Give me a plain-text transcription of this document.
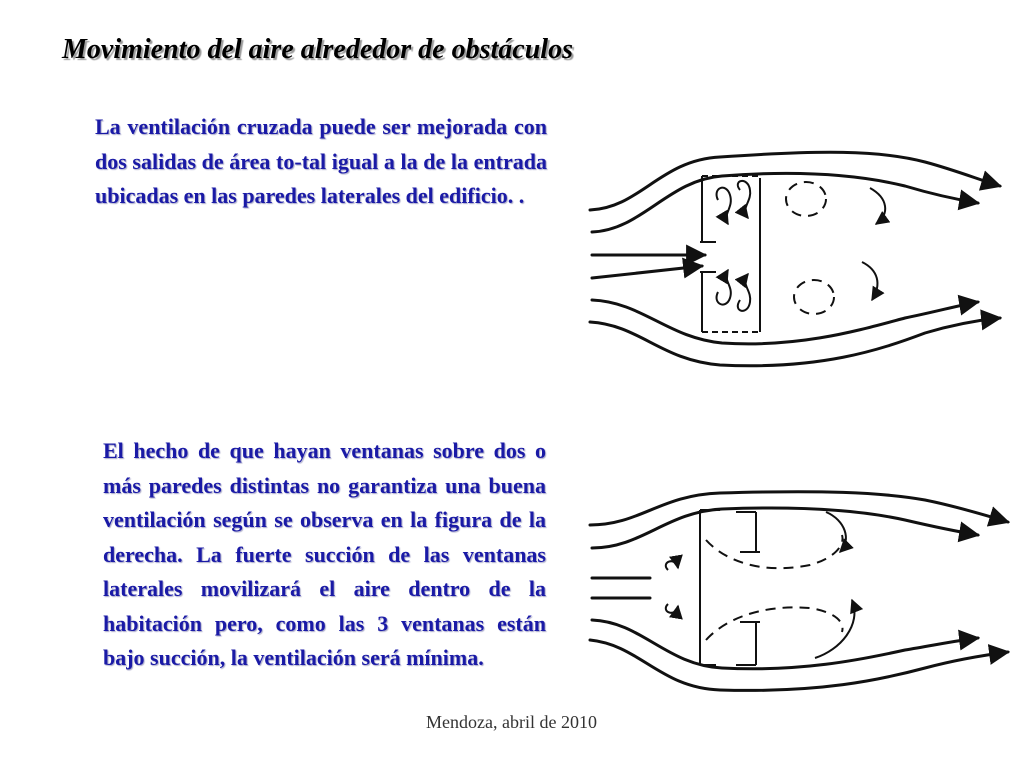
Movimiento del aire alrededor de obstáculos
La ventilación cruzada puede ser mejorada con dos salidas de área to-tal igual a la de la entrada ubicadas en las paredes laterales del edificio. .
El hecho de que hayan ventanas sobre dos o más paredes distintas no garantiza una buena ventilación según se observa en la figura de la derecha. La fuerte succión de las ventanas laterales movilizará el aire dentro de la habitación pero, como las 3 ventanas están bajo succión, la ventilación será mínima.
Mendoza, abril de 2010
